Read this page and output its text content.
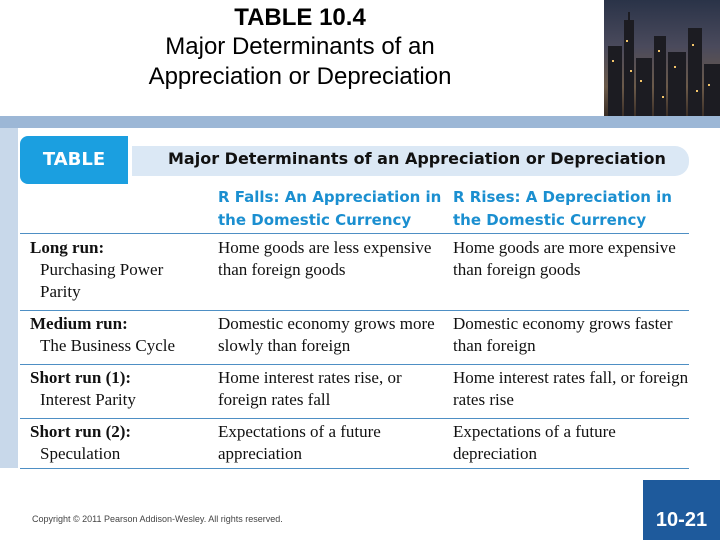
TABLE 10.4
Major Determinants of an
Appreciation or Depreciation
TABLE 10.4
Major Determinants of an Appreciation or Depreciation
R Falls: An Appreciation in the Domestic Currency
R Rises: A Depreciation in the Domestic Currency
Long run:
Purchasing Power
Parity
Home goods are less expensive than foreign goods
Home goods are more expensive than foreign goods
Medium run:
The Business Cycle
Domestic economy grows more slowly than foreign
Domestic economy grows faster than foreign
Short run (1):
Interest Parity
Home interest rates rise, or foreign rates fall
Home interest rates fall, or foreign rates rise
Short run (2):
Speculation
Expectations of a future appreciation
Expectations of a future depreciation
Copyright © 2011 Pearson Addison-Wesley. All rights reserved.	10-21
